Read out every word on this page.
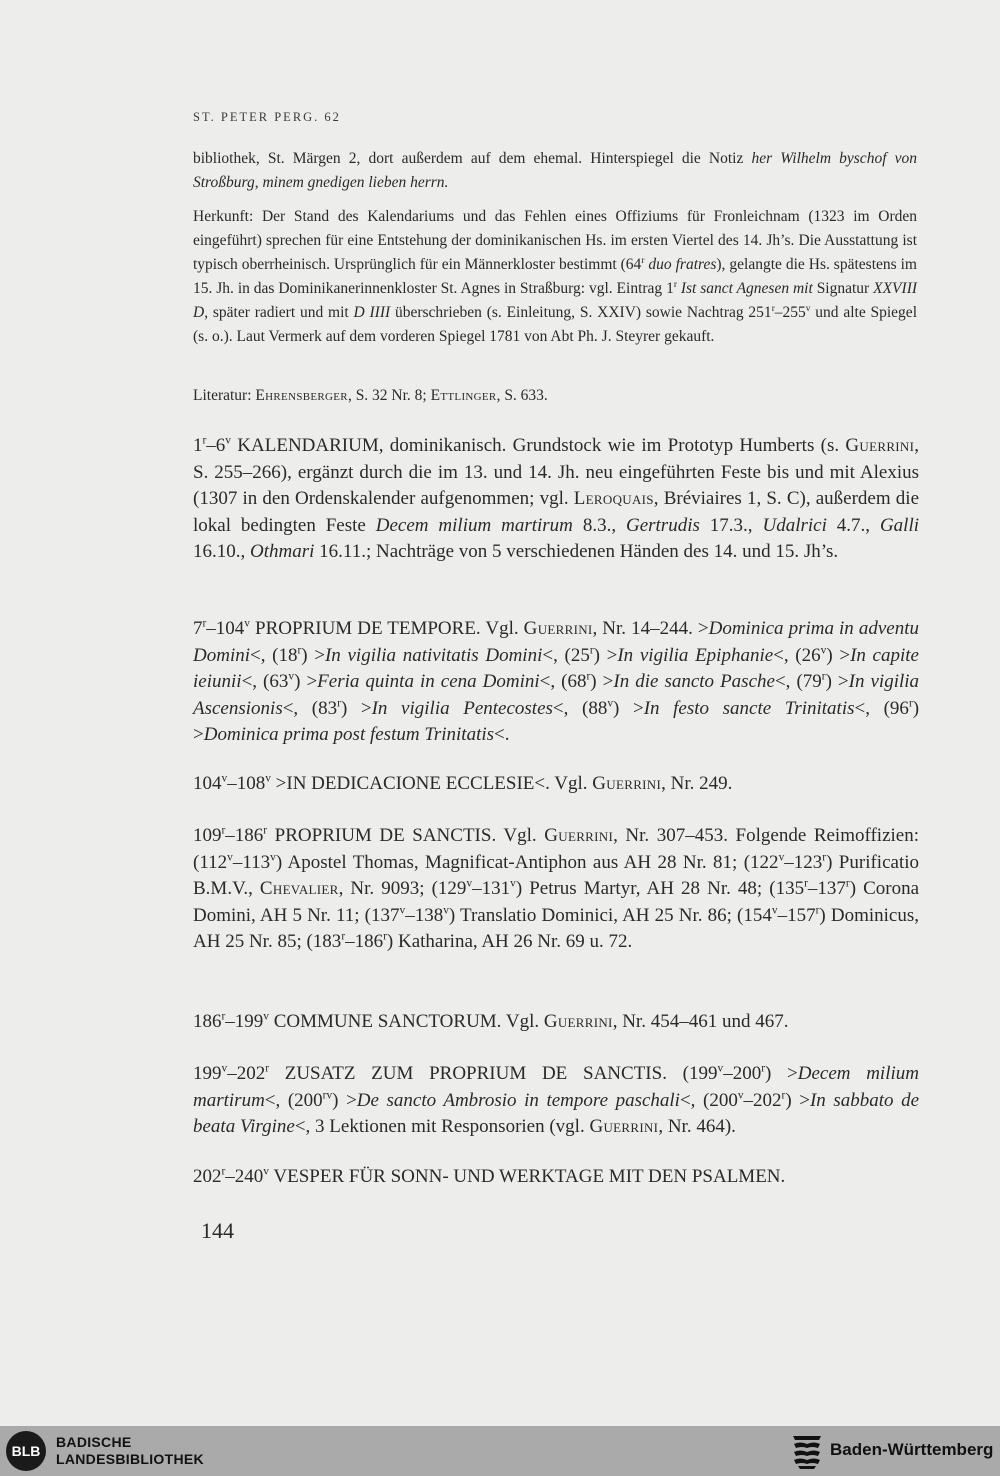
ST. PETER PERG. 62

bibliothek, St. Märgen 2, dort außerdem auf dem ehemal. Hinterspiegel die Notiz her Wilhelm byschof von Stroßburg, minem gnedigen lieben herrn.

Herkunft: Der Stand des Kalendariums und das Fehlen eines Offiziums für Fronleichnam (1323 im Orden eingeführt) sprechen für eine Entstehung der dominikanischen Hs. im ersten Viertel des 14. Jh’s. Die Ausstattung ist typisch oberrheinisch. Ursprünglich für ein Männerkloster bestimmt (64$^r$ duo fratres), gelangte die Hs. spätestens im 15. Jh. in das Dominikanerinnenkloster St. Agnes in Straßburg: vgl. Eintrag 1$^r$ Ist sanct Agnesen mit Signatur XXVIII D, später radiert und mit D IIII überschrieben (s. Einleitung, S. XXIV) sowie Nachtrag 251$^r$–255$^v$ und alte Spiegel (s. o.). Laut Vermerk auf dem vorderen Spiegel 1781 von Abt Ph. J. Steyrer gekauft.

Literatur: Ehrensberger, S. 32 Nr. 8; Ettlinger, S. 633.

1$^r$–6$^v$ KALENDARIUM, dominikanisch. Grundstock wie im Prototyp Humberts (s. Guerrini, S. 255–266), ergänzt durch die im 13. und 14. Jh. neu eingeführten Feste bis und mit Alexius (1307 in den Ordenskalender aufgenommen; vgl. Leroquais, Bréviaires 1, S. C), außerdem die lokal bedingten Feste Decem milium martirum 8.3., Gertrudis 17.3., Udalrici 4.7., Galli 16.10., Othmari 16.11.; Nachträge von 5 verschiedenen Händen des 14. und 15. Jh’s.

7$^r$–104$^v$ PROPRIUM DE TEMPORE. Vgl. Guerrini, Nr. 14–244. >Dominica prima in adventu Domini<, $(18^r) >In$ vigilia nativitatis Domini<, $(25^r) >In$ vigilia Epiphanie<, $(26^v) >In$ capite ieiunii<, $(63^v)$ >Feria quinta in cena Domini<, $(68^r) >In$ die sancto Pasche<, $(79^r) >In$ vigilia Ascensionis<, $(83^r) >In$ vigilia Pentecostes<, $(88^v) >In$ festo sancte Trinitatis<, $(96^r)$ >Dominica prima post festum Trinitatis<.

$104^v-108^v >IN$ DEDICACIONE ECCLESIE<. Vgl. Guerrini, Nr. 249.

109$^r$–186$^r$ PROPRIUM DE SANCTIS. Vgl. Guerrini, Nr. 307–453. Folgende Reimoffizien: (112$^v$–113$^v$) Apostel Thomas, Magnificat-Antiphon aus AH 28 Nr. 81; (122$^v$–123$^r$) Purificatio B.M.V., Chevalier, Nr. 9093; (129$^v$–131$^v$) Petrus Martyr, AH 28 Nr. 48; (135$^r$–137$^r$) Corona Domini, AH 5 Nr. 11; (137$^v$–138$^v$) Translatio Dominici, AH 25 Nr. 86; (154$^v$–157$^r$) Dominicus, AH 25 Nr. 85; (183$^r$–186$^r$) Katharina, AH 26 Nr. 69 u. 72.

186$^r$–199$^v$ COMMUNE SANCTORUM. Vgl. Guerrini, Nr. 454–461 und 467.

199$^v$–202$^r$ ZUSATZ ZUM PROPRIUM DE SANCTIS. $(199^v-200^r)$ >Decem milium martirum<, $(200^{rv}) >De$ sancto Ambrosio in tempore paschali<, $(200^v-202^r) >In$ sabbato de beata Virgine<, 3 Lektionen mit Responsorien (vgl. Guerrini, Nr. 464).

202$^r$–240$^v$ VESPER FÜR SONN- UND WERKTAGE MIT DEN PSALMEN.

144
BLB
BADISCHE
LANDESBIBLIOTHEK	Baden-Württemberg
